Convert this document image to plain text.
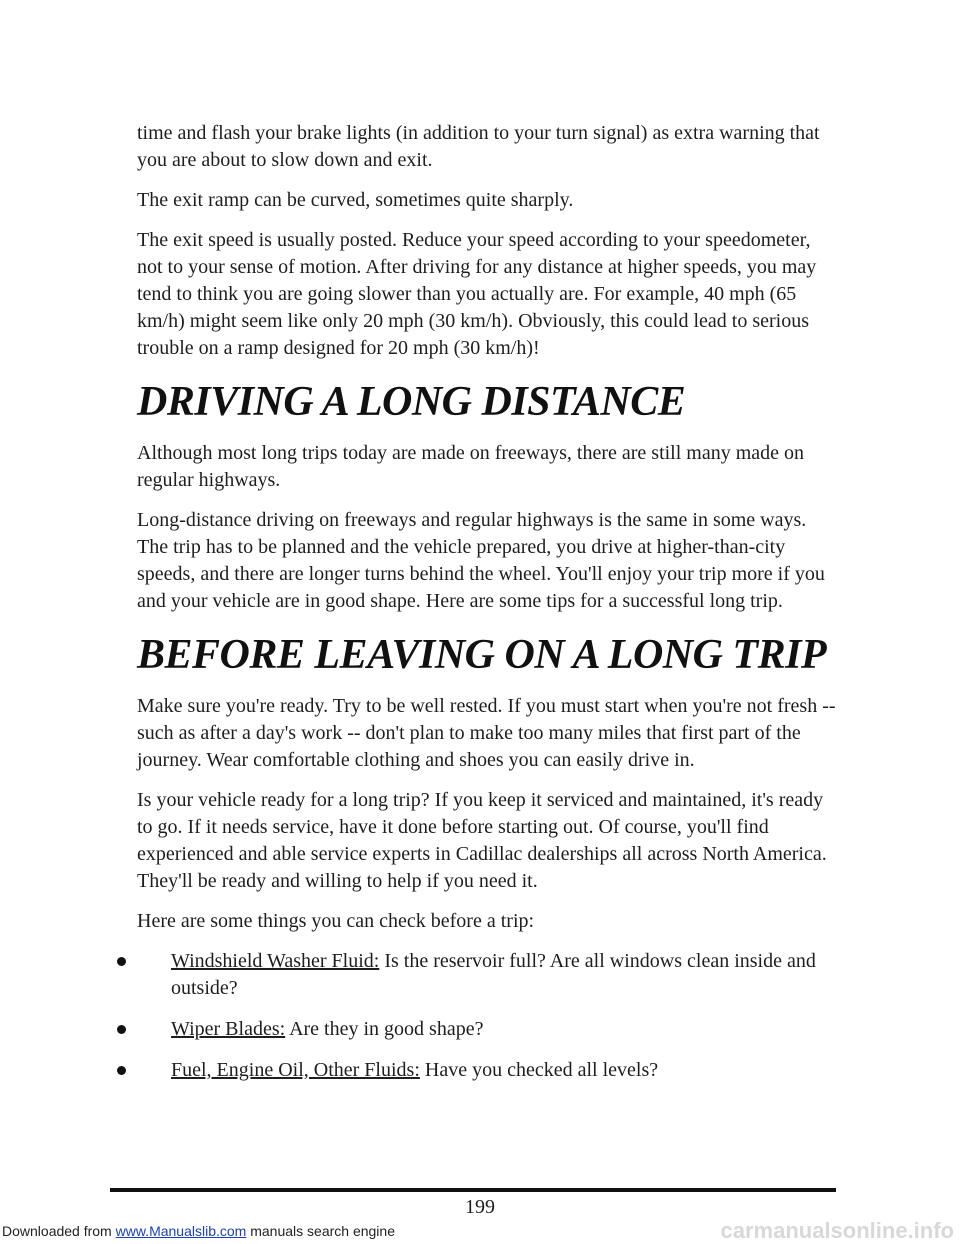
time and flash your brake lights (in addition to your turn signal) as extra warning that you are about to slow down and exit.

The exit ramp can be curved, sometimes quite sharply.

The exit speed is usually posted. Reduce your speed according to your speedometer, not to your sense of motion. After driving for any distance at higher speeds, you may tend to think you are going slower than you actually are. For example, 40 mph (65 km/h) might seem like only 20 mph (30 km/h). Obviously, this could lead to serious trouble on a ramp designed for 20 mph (30 km/h)!

DRIVING A LONG DISTANCE

Although most long trips today are made on freeways, there are still many made on regular highways.

Long-distance driving on freeways and regular highways is the same in some ways. The trip has to be planned and the vehicle prepared, you drive at higher-than-city speeds, and there are longer turns behind the wheel. You'll enjoy your trip more if you and your vehicle are in good shape. Here are some tips for a successful long trip.

BEFORE LEAVING ON A LONG TRIP

Make sure you're ready. Try to be well rested. If you must start when you're not fresh -- such as after a day's work -- don't plan to make too many miles that first part of the journey. Wear comfortable clothing and shoes you can easily drive in.

Is your vehicle ready for a long trip? If you keep it serviced and maintained, it's ready to go. If it needs service, have it done before starting out. Of course, you'll find experienced and able service experts in Cadillac dealerships all across North America. They'll be ready and willing to help if you need it.

Here are some things you can check before a trip:

Windshield Washer Fluid: Is the reservoir full? Are all windows clean inside and outside?
Wiper Blades: Are they in good shape?
Fuel, Engine Oil, Other Fluids: Have you checked all levels?
199
Downloaded from www.Manualslib.com manuals search engine	carmanualsonline.info
